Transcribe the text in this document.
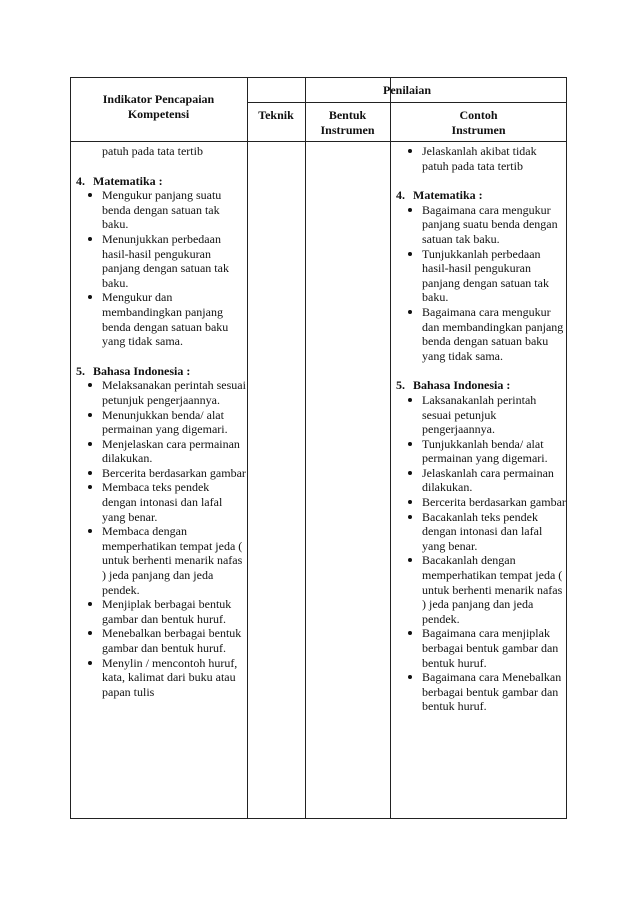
Indikator Pencapaian
Kompetensi
Penilaian
Teknik	Bentuk
Instrumen
Contoh
Instrumen
patuh pada tata tertib
4. Matematika :
Mengukur panjang suatu benda dengan satuan tak baku.
Menunjukkan perbedaan hasil-hasil pengukuran panjang dengan satuan tak baku.
Mengukur dan membandingkan panjang benda dengan satuan baku yang tidak sama.
5. Bahasa Indonesia :
Melaksanakan perintah sesuai petunjuk pengerjaannya.
Menunjukkan benda/ alat permainan yang digemari.
Menjelaskan cara permainan dilakukan.
Bercerita berdasarkan gambar
Membaca teks pendek dengan intonasi dan lafal yang benar.
Membaca dengan memperhatikan tempat jeda ( untuk berhenti menarik nafas ) jeda panjang dan jeda pendek.
Menjiplak berbagai bentuk gambar dan bentuk huruf.
Menebalkan berbagai bentuk gambar dan bentuk huruf.
Menylin / mencontoh huruf, kata, kalimat dari buku atau papan tulis
Jelaskanlah akibat tidak patuh pada tata tertib
4. Matematika :
Bagaimana cara mengukur panjang suatu benda dengan satuan tak baku.
Tunjukkanlah perbedaan hasil-hasil pengukuran panjang dengan satuan tak baku.
Bagaimana cara mengukur dan membandingkan panjang benda dengan satuan baku yang tidak sama.
5. Bahasa Indonesia :
Laksanakanlah perintah sesuai petunjuk pengerjaannya.
Tunjukkanlah benda/ alat permainan yang digemari.
Jelaskanlah cara permainan dilakukan.
Bercerita berdasarkan gambar
Bacakanlah teks pendek dengan intonasi dan lafal yang benar.
Bacakanlah dengan memperhatikan tempat jeda ( untuk berhenti menarik nafas ) jeda panjang dan jeda pendek.
Bagaimana cara menjiplak berbagai bentuk gambar dan bentuk huruf.
Bagaimana cara Menebalkan berbagai bentuk gambar dan bentuk huruf.
